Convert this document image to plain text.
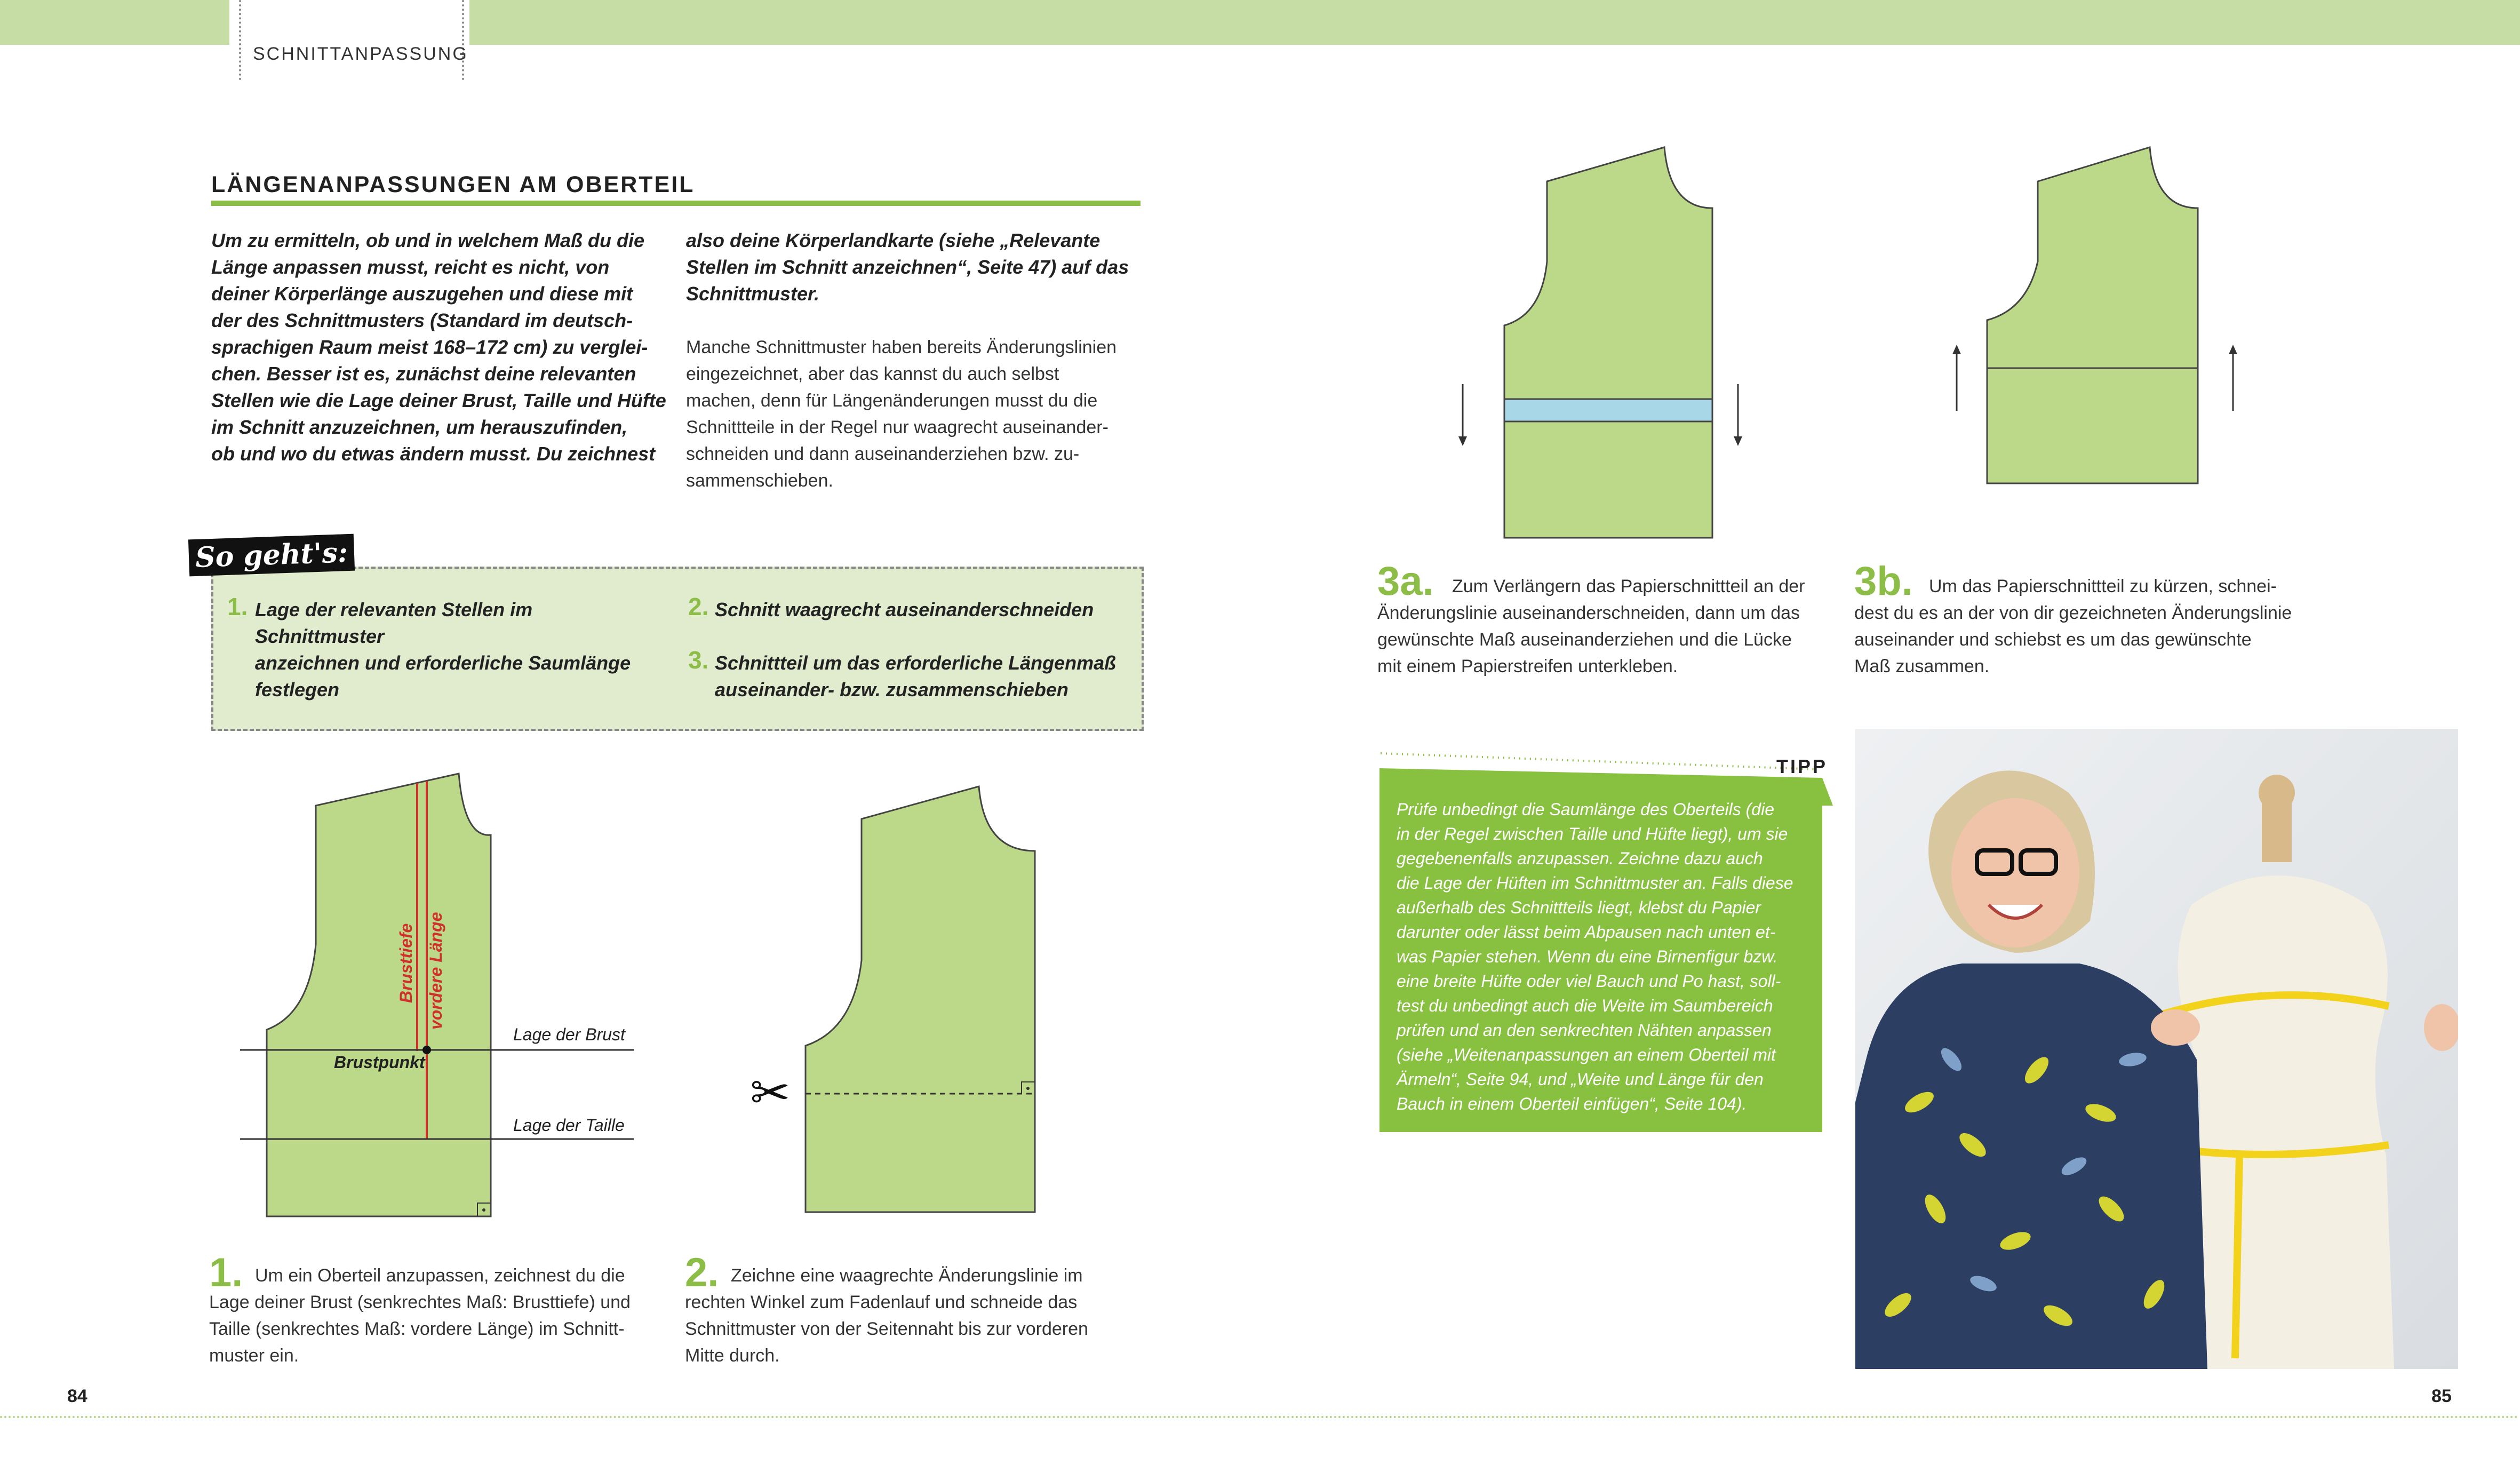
SCHNITTANPASSUNG
LÄNGENANPASSUNGEN AM OBERTEIL
Um zu ermitteln, ob und in welchem Maß du die
Länge anpassen musst, reicht es nicht, von
deiner Körperlänge auszugehen und diese mit
der des Schnittmusters (Standard im deutsch-
sprachigen Raum meist 168–172 cm) zu verglei-
chen. Besser ist es, zunächst deine relevanten
Stellen wie die Lage deiner Brust, Taille und Hüfte
im Schnitt anzuzeichnen, um herauszufinden,
ob und wo du etwas ändern musst. Du zeichnest
also deine Körperlandkarte (siehe „Relevante
Stellen im Schnitt anzeichnen“, Seite 47) auf das
Schnittmuster.
Manche Schnittmuster haben bereits Änderungslinien
eingezeichnet, aber das kannst du auch selbst
machen, denn für Längenänderungen musst du die
Schnittteile in der Regel nur waagrecht auseinander-
schneiden und dann auseinanderziehen bzw. zu-
sammenschieben.
So geht's:
1. Lage der relevanten Stellen im Schnittmuster
anzeichnen und erforderliche Saumlänge
festlegen
2. Schnitt waagrecht auseinanderschneiden
3. Schnittteil um das erforderliche Längenmaß
auseinander- bzw. zusammenschieben
Lage der Brust
Lage der Taille
Brustpunkt
Brusttiefe vordere Länge
✂
1. Um ein Oberteil anzupassen, zeichnest du die
Lage deiner Brust (senkrechtes Maß: Brusttiefe) und
Taille (senkrechtes Maß: vordere Länge) im Schnitt-
muster ein.
2. Zeichne eine waagrechte Änderungslinie im
rechten Winkel zum Fadenlauf und schneide das
Schnittmuster von der Seitennaht bis zur vorderen
Mitte durch.
3a. Zum Verlängern das Papierschnittteil an der
Änderungslinie auseinanderschneiden, dann um das
gewünschte Maß auseinanderziehen und die Lücke
mit einem Papierstreifen unterkleben.
3b. Um das Papierschnittteil zu kürzen, schnei-
dest du es an der von dir gezeichneten Änderungslinie
auseinander und schiebst es um das gewünschte
Maß zusammen.
TIPP
Prüfe unbedingt die Saumlänge des Oberteils (die
in der Regel zwischen Taille und Hüfte liegt), um sie
gegebenenfalls anzupassen. Zeichne dazu auch
die Lage der Hüften im Schnittmuster an. Falls diese
außerhalb des Schnittteils liegt, klebst du Papier
darunter oder lässt beim Abpausen nach unten et-
was Papier stehen. Wenn du eine Birnenfigur bzw.
eine breite Hüfte oder viel Bauch und Po hast, soll-
test du unbedingt auch die Weite im Saumbereich
prüfen und an den senkrechten Nähten anpassen
(siehe „Weitenanpassungen an einem Oberteil mit
Ärmeln“, Seite 94, und „Weite und Länge für den
Bauch in einem Oberteil einfügen“, Seite 104).
84	85
